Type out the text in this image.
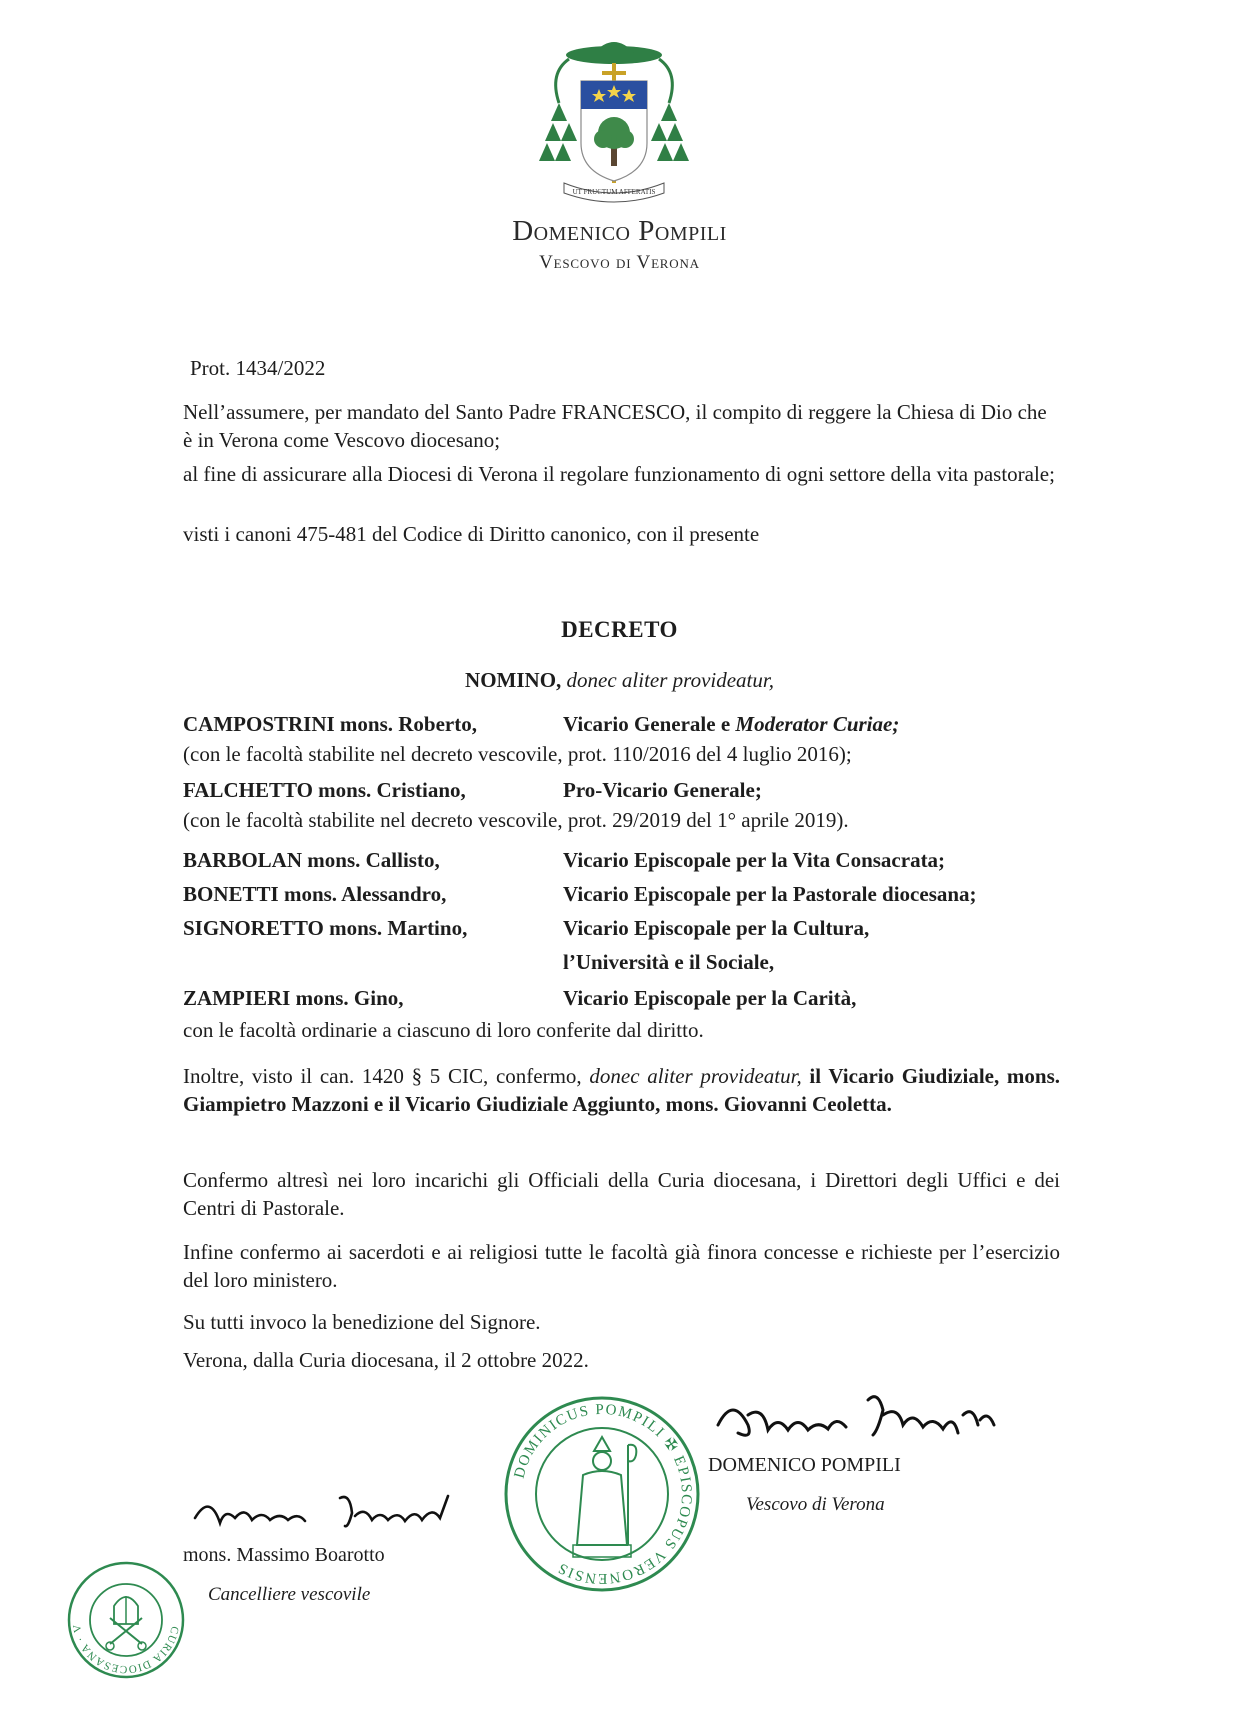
UT FRUCTUM AFFERATIS
Domenico Pompili
Vescovo di Verona
Prot. 1434/2022
Nell’assumere, per mandato del Santo Padre FRANCESCO, il compito di reggere la Chiesa di Dio che è in Verona come Vescovo diocesano;
al fine di assicurare alla Diocesi di Verona il regolare funzionamento di ogni settore della vita pastorale;
visti i canoni 475-481 del Codice di Diritto canonico, con il presente
DECRETO
NOMINO, donec aliter provideatur,
CAMPOSTRINI mons. Roberto,	Vicario Generale e Moderator Curiae;
(con le facoltà stabilite nel decreto vescovile, prot. 110/2016 del 4 luglio 2016);
FALCHETTO mons. Cristiano,	Pro-Vicario Generale;
(con le facoltà stabilite nel decreto vescovile, prot. 29/2019 del 1° aprile 2019).
BARBOLAN mons. Callisto,	Vicario Episcopale per la Vita Consacrata;
BONETTI mons. Alessandro,	Vicario Episcopale per la Pastorale diocesana;
SIGNORETTO mons. Martino,	Vicario Episcopale per la Cultura,
l’Università e il Sociale,
ZAMPIERI mons. Gino,	Vicario Episcopale per la Carità,
con le facoltà ordinarie a ciascuno di loro conferite dal diritto.
Inoltre, visto il can. 1420 § 5 CIC, confermo, donec aliter provideatur, il Vicario Giudiziale, mons. Giampietro Mazzoni e il Vicario Giudiziale Aggiunto, mons. Giovanni Ceoletta.
Confermo altresì nei loro incarichi gli Officiali della Curia diocesana, i Direttori degli Uffici e dei Centri di Pastorale.
Infine confermo ai sacerdoti e ai religiosi tutte le facoltà già finora concesse e richieste per l’esercizio del loro ministero.
Su tutti invoco la benedizione del Signore.
Verona, dalla Curia diocesana, il 2 ottobre 2022.
DOMINICUS POMPILI ✠ EPISCOPUS VERONENSIS
DOMENICO POMPILI
Vescovo di Verona
mons. Massimo Boarotto
Cancelliere vescovile
CURIA DIOCESANA · V
